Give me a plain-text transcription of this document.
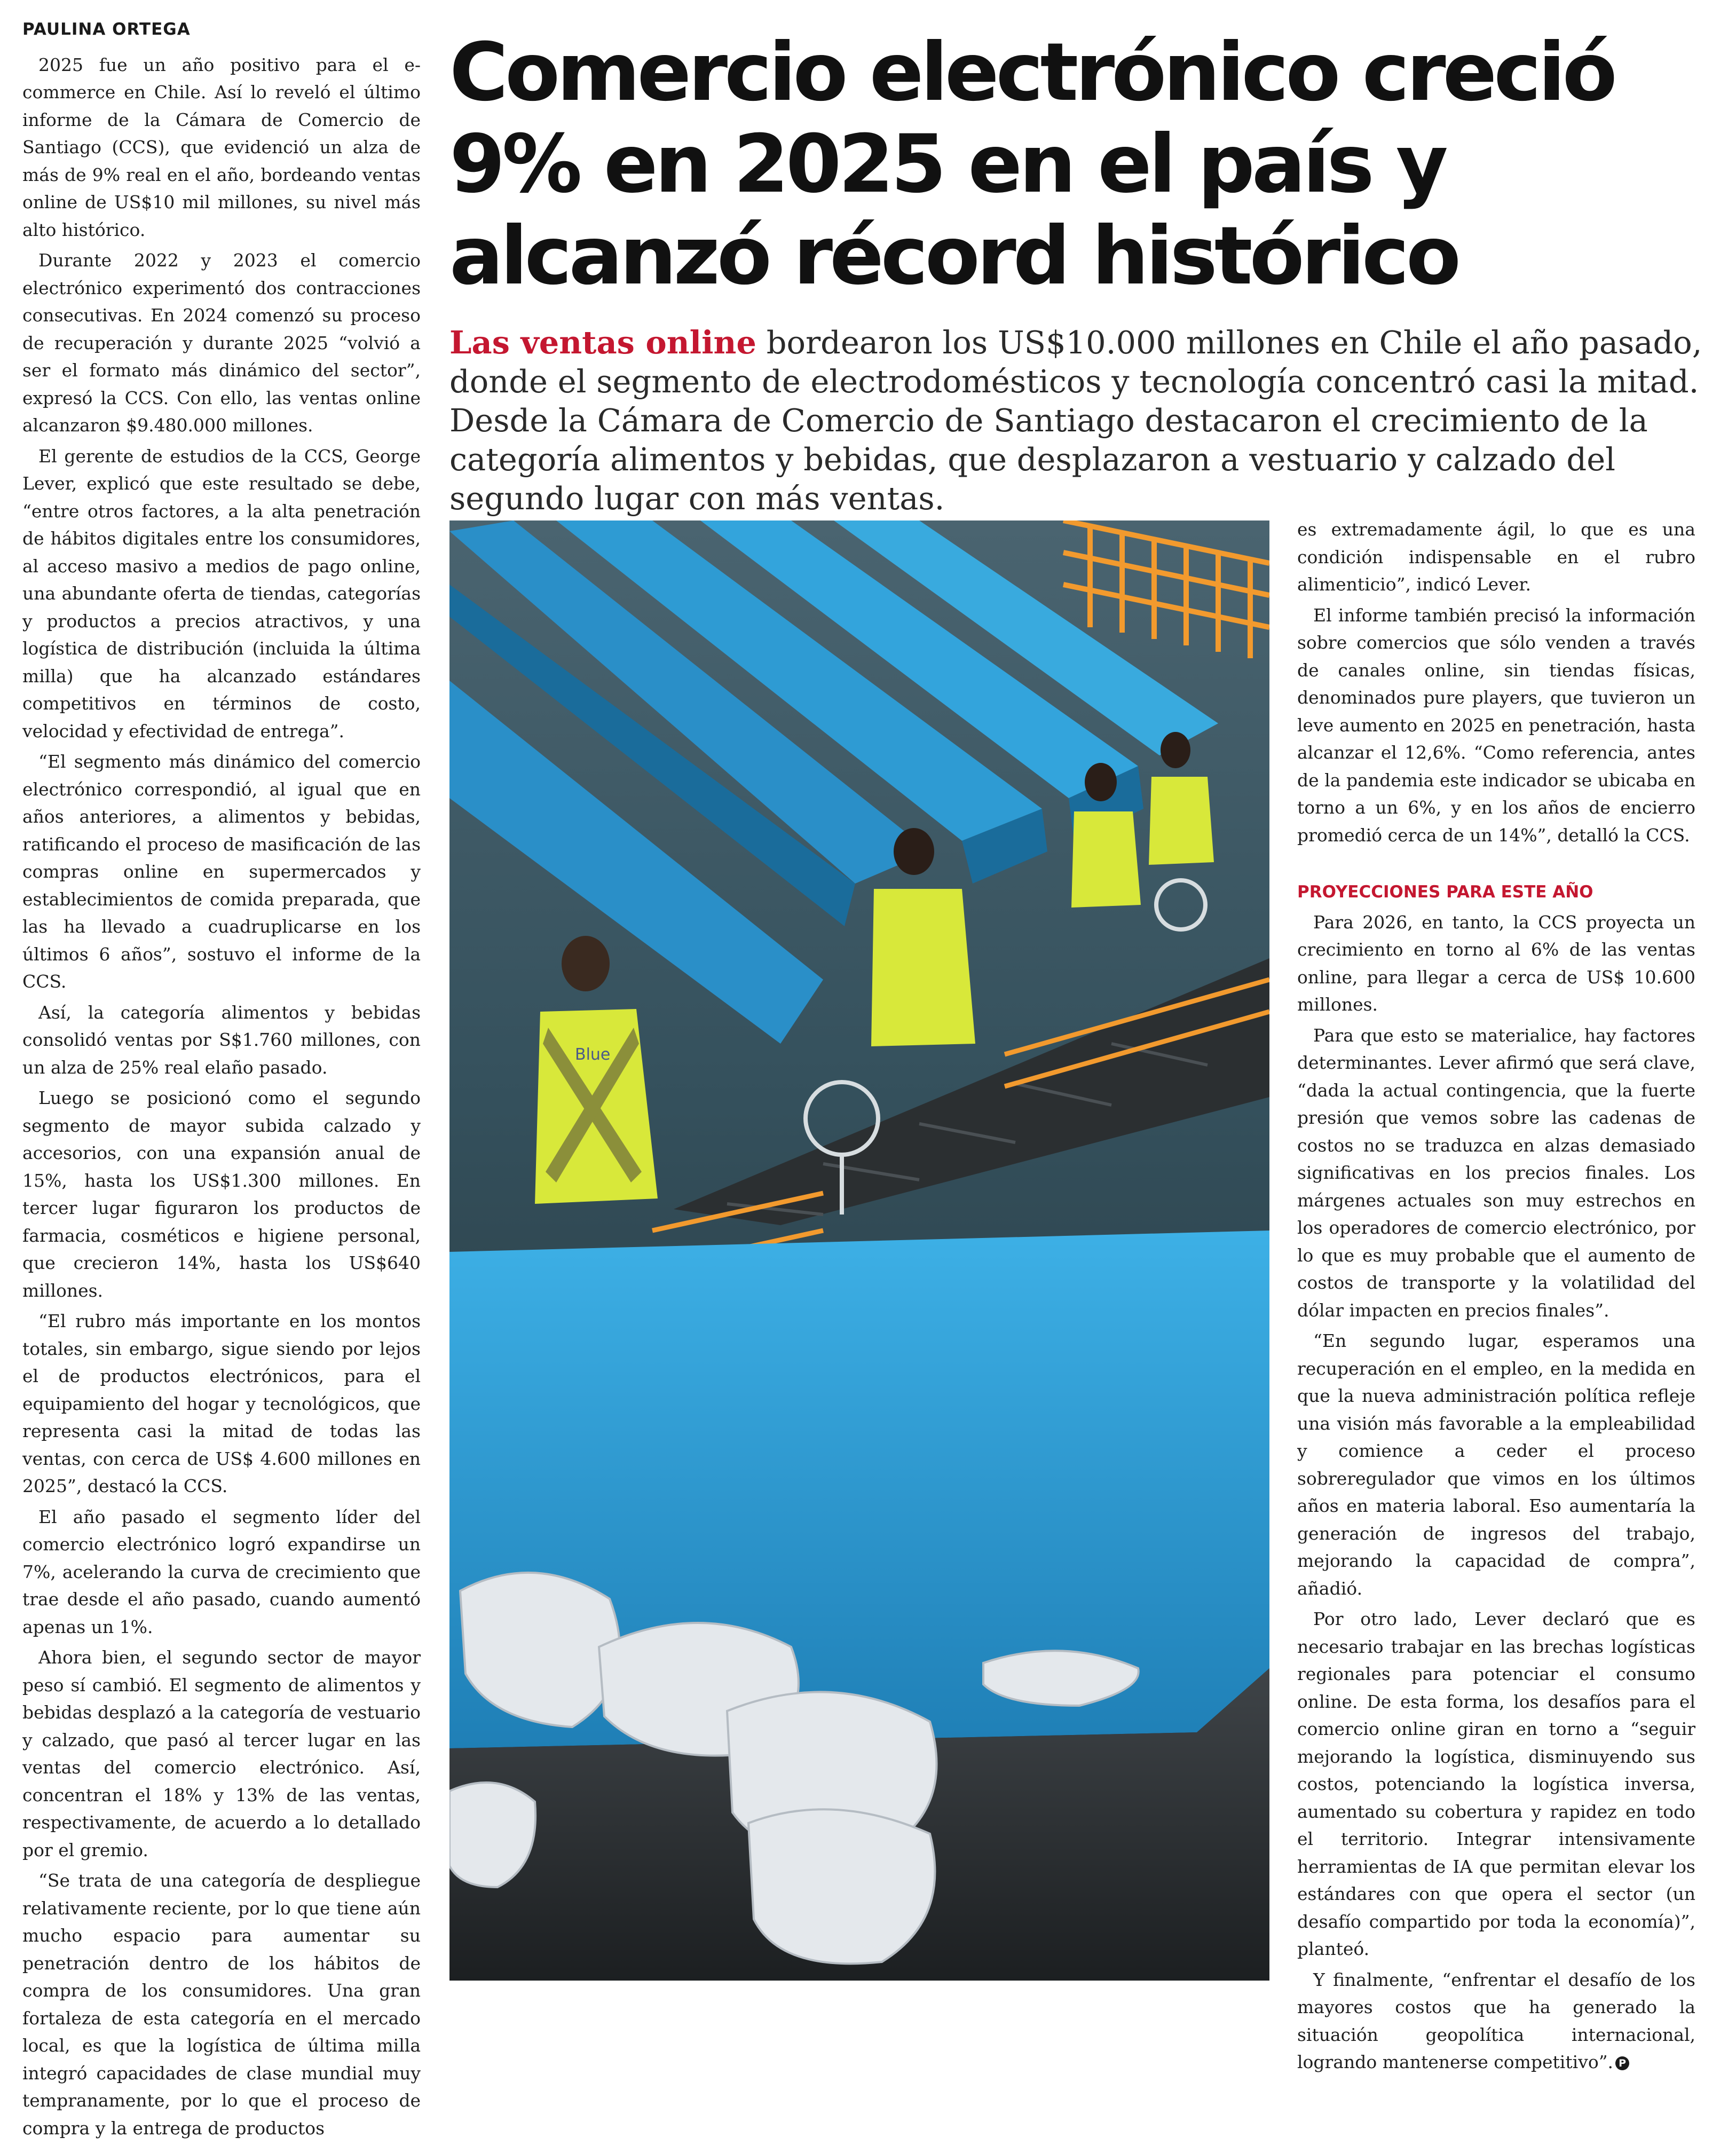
PAULINA ORTEGA

2025 fue un año positivo para el e-commerce en Chile. Así lo reveló el último informe de la Cámara de Comercio de Santiago (CCS), que evidenció un alza de más de 9% real en el año, bordeando ventas online de US$10 mil millones, su nivel más alto histórico.

Durante 2022 y 2023 el comercio electrónico experimentó dos contracciones consecutivas. En 2024 comenzó su proceso de recuperación y durante 2025 “volvió a ser el formato más dinámico del sector”, expresó la CCS. Con ello, las ventas online alcanzaron $9.480.000 millones.

El gerente de estudios de la CCS, George Lever, explicó que este resultado se debe, “entre otros factores, a la alta penetración de hábitos digitales entre los consumidores, al acceso masivo a medios de pago online, una abundante oferta de tiendas, categorías y productos a precios atractivos, y una logística de distribución (incluida la última milla) que ha alcanzado estándares competitivos en términos de costo, velocidad y efectividad de entrega”.

“El segmento más dinámico del comercio electrónico correspondió, al igual que en años anteriores, a alimentos y bebidas, ratificando el proceso de masificación de las compras online en supermercados y establecimientos de comida preparada, que las ha llevado a cuadruplicarse en los últimos 6 años”, sostuvo el informe de la CCS.

Así, la categoría alimentos y bebidas consolidó ventas por S$1.760 millones, con un alza de 25% real elaño pasado.

Luego se posicionó como el segundo segmento de mayor subida calzado y accesorios, con una expansión anual de 15%, hasta los US$1.300 millones. En tercer lugar figuraron los productos de farmacia, cosméticos e higiene personal, que crecieron 14%, hasta los US$640 millones.

“El rubro más importante en los montos totales, sin embargo, sigue siendo por lejos el de productos electrónicos, para el equipamiento del hogar y tecnológicos, que representa casi la mitad de todas las ventas, con cerca de US$ 4.600 millones en 2025”, destacó la CCS.

El año pasado el segmento líder del comercio electrónico logró expandirse un 7%, acelerando la curva de crecimiento que trae desde el año pasado, cuando aumentó apenas un 1%.

Ahora bien, el segundo sector de mayor peso sí cambió. El segmento de alimentos y bebidas desplazó a la categoría de vestuario y calzado, que pasó al tercer lugar en las ventas del comercio electrónico. Así, concentran el 18% y 13% de las ventas, respectivamente, de acuerdo a lo detallado por el gremio.

“Se trata de una categoría de despliegue relativamente reciente, por lo que tiene aún mucho espacio para aumentar su penetración dentro de los hábitos de compra de los consumidores. Una gran fortaleza de esta categoría en el mercado local, es que la logística de última milla integró capacidades de clase mundial muy tempranamente, por lo que el proceso de compra y la entrega de productos

Comercio electrónico creció 9% en 2025 en el país y alcanzó récord histórico

Las ventas online bordearon los US$10.000 millones en Chile el año pasado, donde el segmento de electrodomésticos y tecnología concentró casi la mitad. Desde la Cámara de Comercio de Santiago destacaron el crecimiento de la categoría alimentos y bebidas, que desplazaron a vestuario y calzado del segundo lugar con más ventas.

Blue

es extremadamente ágil, lo que es una condición indispensable en el rubro alimenticio”, indicó Lever.

El informe también precisó la información sobre comercios que sólo venden a través de canales online, sin tiendas físicas, denominados pure players, que tuvieron un leve aumento en 2025 en penetración, hasta alcanzar el 12,6%. “Como referencia, antes de la pandemia este indicador se ubicaba en torno a un 6%, y en los años de encierro promedió cerca de un 14%”, detalló la CCS.

PROYECCIONES PARA ESTE AÑO

Para 2026, en tanto, la CCS proyecta un crecimiento en torno al 6% de las ventas online, para llegar a cerca de US$ 10.600 millones.

Para que esto se materialice, hay factores determinantes. Lever afirmó que será clave, “dada la actual contingencia, que la fuerte presión que vemos sobre las cadenas de costos no se traduzca en alzas demasiado significativas en los precios finales. Los márgenes actuales son muy estrechos en los operadores de comercio electrónico, por lo que es muy probable que el aumento de costos de transporte y la volatilidad del dólar impacten en precios finales”.

“En segundo lugar, esperamos una recuperación en el empleo, en la medida en que la nueva administración política refleje una visión más favorable a la empleabilidad y comience a ceder el proceso sobreregulador que vimos en los últimos años en materia laboral. Eso aumentaría la generación de ingresos del trabajo, mejorando la capacidad de compra”, añadió.

Por otro lado, Lever declaró que es necesario trabajar en las brechas logísticas regionales para potenciar el consumo online. De esta forma, los desafíos para el comercio online giran en torno a “seguir mejorando la logística, disminuyendo sus costos, potenciando la logística inversa, aumentado su cobertura y rapidez en todo el territorio. Integrar intensivamente herramientas de IA que permitan elevar los estándares con que opera el sector (un desafío compartido por toda la economía)”, planteó.

Y finalmente, “enfrentar el desafío de los mayores costos que ha generado la situación geopolítica internacional, logrando mantenerse competitivo”. P
